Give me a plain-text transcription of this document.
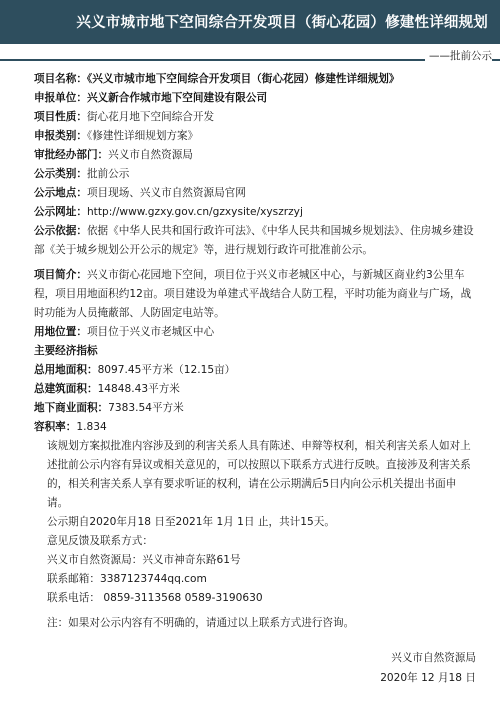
兴义市城市地下空间综合开发项目（街心花园）修建性详细规划
——批前公示
项目名称：《兴义市城市地下空间综合开发项目（街心花园）修建性详细规划》
申报单位：兴义新合作城市地下空间建设有限公司
项目性质：街心花月地下空间综合开发
申报类别：《修建性详细规划方案》
审批经办部门：兴义市自然资源局
公示类别：批前公示
公示地点：项目现场、兴义市自然资源局官网
公示网址：http://www.gzxy.gov.cn/gzxysite/xyszrzyj
公示依据：依据《中华人民共和国行政许可法》、《中华人民共和国城乡规划法》、住房城乡建设部《关于城乡规划公开公示的规定》等，进行规划行政许可批准前公示。
项目简介：兴义市街心花园地下空间，项目位于兴义市老城区中心，与新城区商业约3公里车程，项目用地面积约12亩。项目建设为单建式平战结合人防工程，平时功能为商业与广场，战时功能为人员掩蔽部、人防固定电站等。
用地位置：项目位于兴义市老城区中心
主要经济指标
总用地面积：8097.45平方米（12.15亩）
总建筑面积：14848.43平方米
地下商业面积：7383.54平方米
容积率：1.834
该规划方案拟批准内容涉及到的利害关系人具有陈述、申辩等权利，相关利害关系人如对上述批前公示内容有异议或相关意见的，可以按照以下联系方式进行反映。直接涉及利害关系的，相关利害关系人享有要求听证的权利，请在公示期满后5日内向公示机关提出书面申请。
公示期自2020年月18 日至2021年 1月 1日 止，共计15天。
意见反馈及联系方式：
兴义市自然资源局：兴义市神奇东路61号
联系邮箱：3387123744qq.com
联系电话： 0859-3113568 0589-3190630
注：如果对公示内容有不明确的，请通过以上联系方式进行咨询。
兴义市自然资源局
2020年 12 月18 日
